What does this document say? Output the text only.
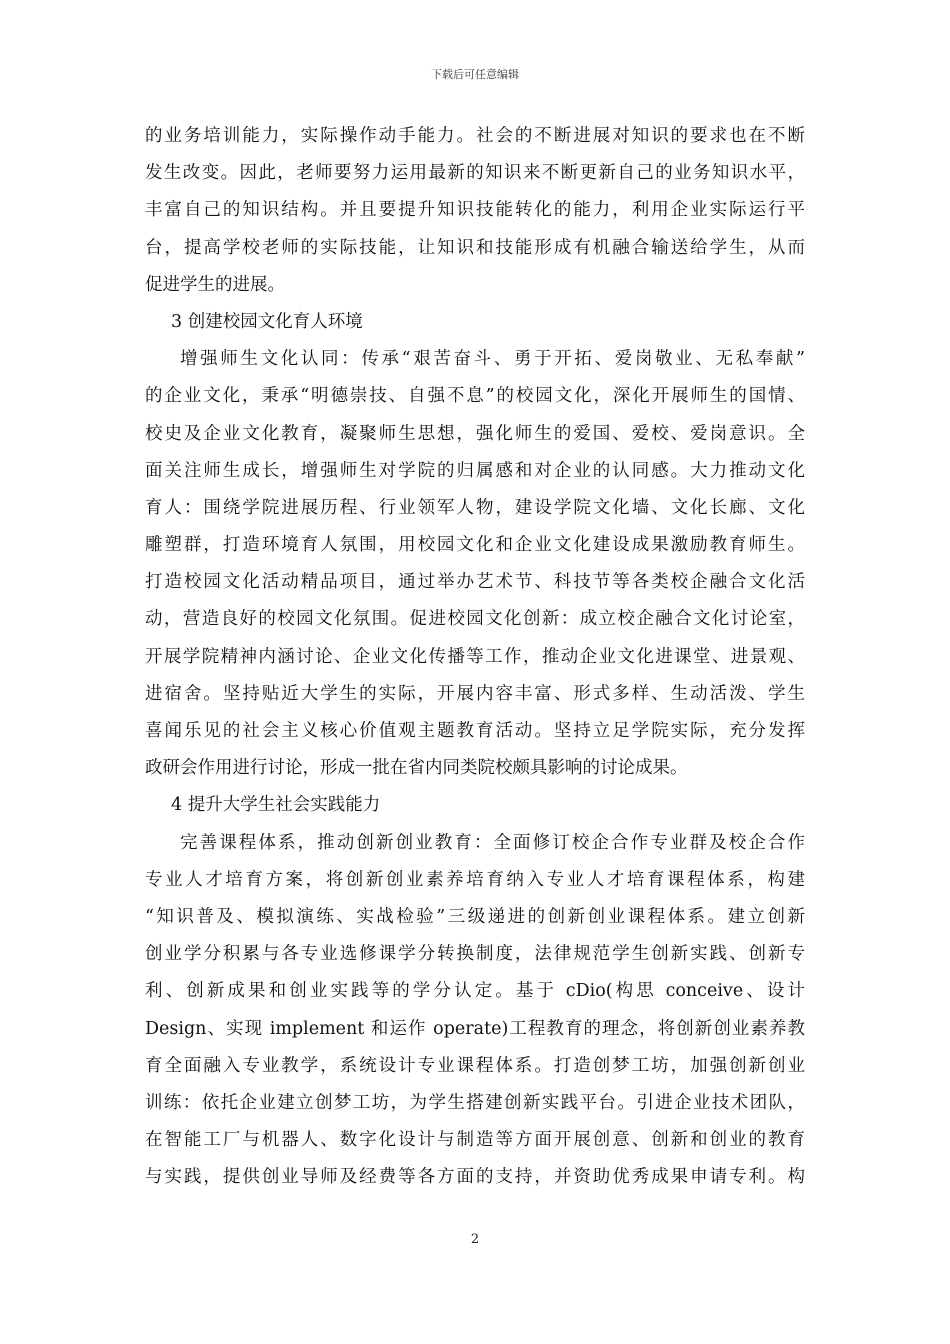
下载后可任意编辑
的业务培训能力，实际操作动手能力。社会的不断进展对知识的要求也在不断
发生改变。因此，老师要努力运用最新的知识来不断更新自己的业务知识水平，
丰富自己的知识结构。并且要提升知识技能转化的能力，利用企业实际运行平
台，提高学校老师的实际技能，让知识和技能形成有机融合输送给学生，从而
促进学生的进展。
3 创建校园文化育人环境
增强师生文化认同：传承“艰苦奋斗、勇于开拓、爱岗敬业、无私奉献”
的企业文化，秉承“明德崇技、自强不息”的校园文化，深化开展师生的国情、
校史及企业文化教育，凝聚师生思想，强化师生的爱国、爱校、爱岗意识。全
面关注师生成长，增强师生对学院的归属感和对企业的认同感。大力推动文化
育人：围绕学院进展历程、行业领军人物，建设学院文化墙、文化长廊、文化
雕塑群，打造环境育人氛围，用校园文化和企业文化建设成果激励教育师生。
打造校园文化活动精品项目，通过举办艺术节、科技节等各类校企融合文化活
动，营造良好的校园文化氛围。促进校园文化创新：成立校企融合文化讨论室，
开展学院精神内涵讨论、企业文化传播等工作，推动企业文化进课堂、进景观、
进宿舍。坚持贴近大学生的实际，开展内容丰富、形式多样、生动活泼、学生
喜闻乐见的社会主义核心价值观主题教育活动。坚持立足学院实际，充分发挥
政研会作用进行讨论，形成一批在省内同类院校颇具影响的讨论成果。
4 提升大学生社会实践能力
完善课程体系，推动创新创业教育：全面修订校企合作专业群及校企合作
专业人才培育方案，将创新创业素养培育纳入专业人才培育课程体系，构建
“知识普及、模拟演练、实战检验”三级递进的创新创业课程体系。建立创新
创业学分积累与各专业选修课学分转换制度，法律规范学生创新实践、创新专
利、创新成果和创业实践等的学分认定。基于 cDio(构思 conceive、设计
Design、实现 implement 和运作 operate)工程教育的理念，将创新创业素养教
育全面融入专业教学，系统设计专业课程体系。打造创梦工坊，加强创新创业
训练：依托企业建立创梦工坊，为学生搭建创新实践平台。引进企业技术团队，
在智能工厂与机器人、数字化设计与制造等方面开展创意、创新和创业的教育
与实践，提供创业导师及经费等各方面的支持，并资助优秀成果申请专利。构
2
